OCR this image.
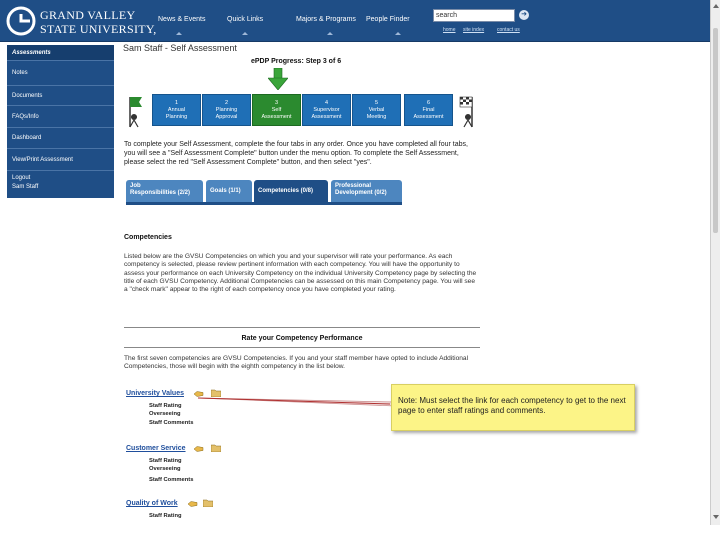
GRAND VALLEY
STATE UNIVERSITY,
News & Events	Quick Links	Majors & Programs People Finder
search	➜
home site index	contact us
Assessments
Notes
Documents
FAQs/Info
Dashboard
View/Print Assessment
Logout
Sam Staff
Sam Staff - Self Assessment
ePDP Progress: Step 3 of 6
1
Annual
Planning
2
Planning
Approval
3
Self
Assessment
4
Supervisor
Assessment
5
Verbal
Meeting
6
Final
Assessment
To complete your Self Assessment, complete the four tabs in any order. Once you have completed all four tabs, you will see a "Self Assessment Complete" button under the menu option. To complete the Self Assessment, please select the red "Self Assessment Complete" button, and then select "yes".
Job
Responsibilities (2/2)	Goals (1/1)	Competencies (0/8)
Professional
Development (0/2)
Competencies
Listed below are the GVSU Competencies on which you and your supervisor will rate your performance. As each competency is selected, please review pertinent information with each competency. You will have the opportunity to assess your performance on each University Competency on the individual University Competency page by selecting the title of each GVSU Competency. Additional Competencies can be assessed on this main Competency page. You will see a "check mark" appear to the right of each competency once you have completed your rating.
Rate your Competency Performance
The first seven competencies are GVSU Competencies. If you and your staff member have opted to include Additional Competencies, those will begin with the eighth competency in the list below.
University Values
Staff Rating
Overseeing
Staff Comments
Customer Service
Staff Rating
Overseeing
Staff Comments
Quality of Work
Staff Rating
Note: Must select the link for each competency to get to the next page to enter staff ratings and comments.
